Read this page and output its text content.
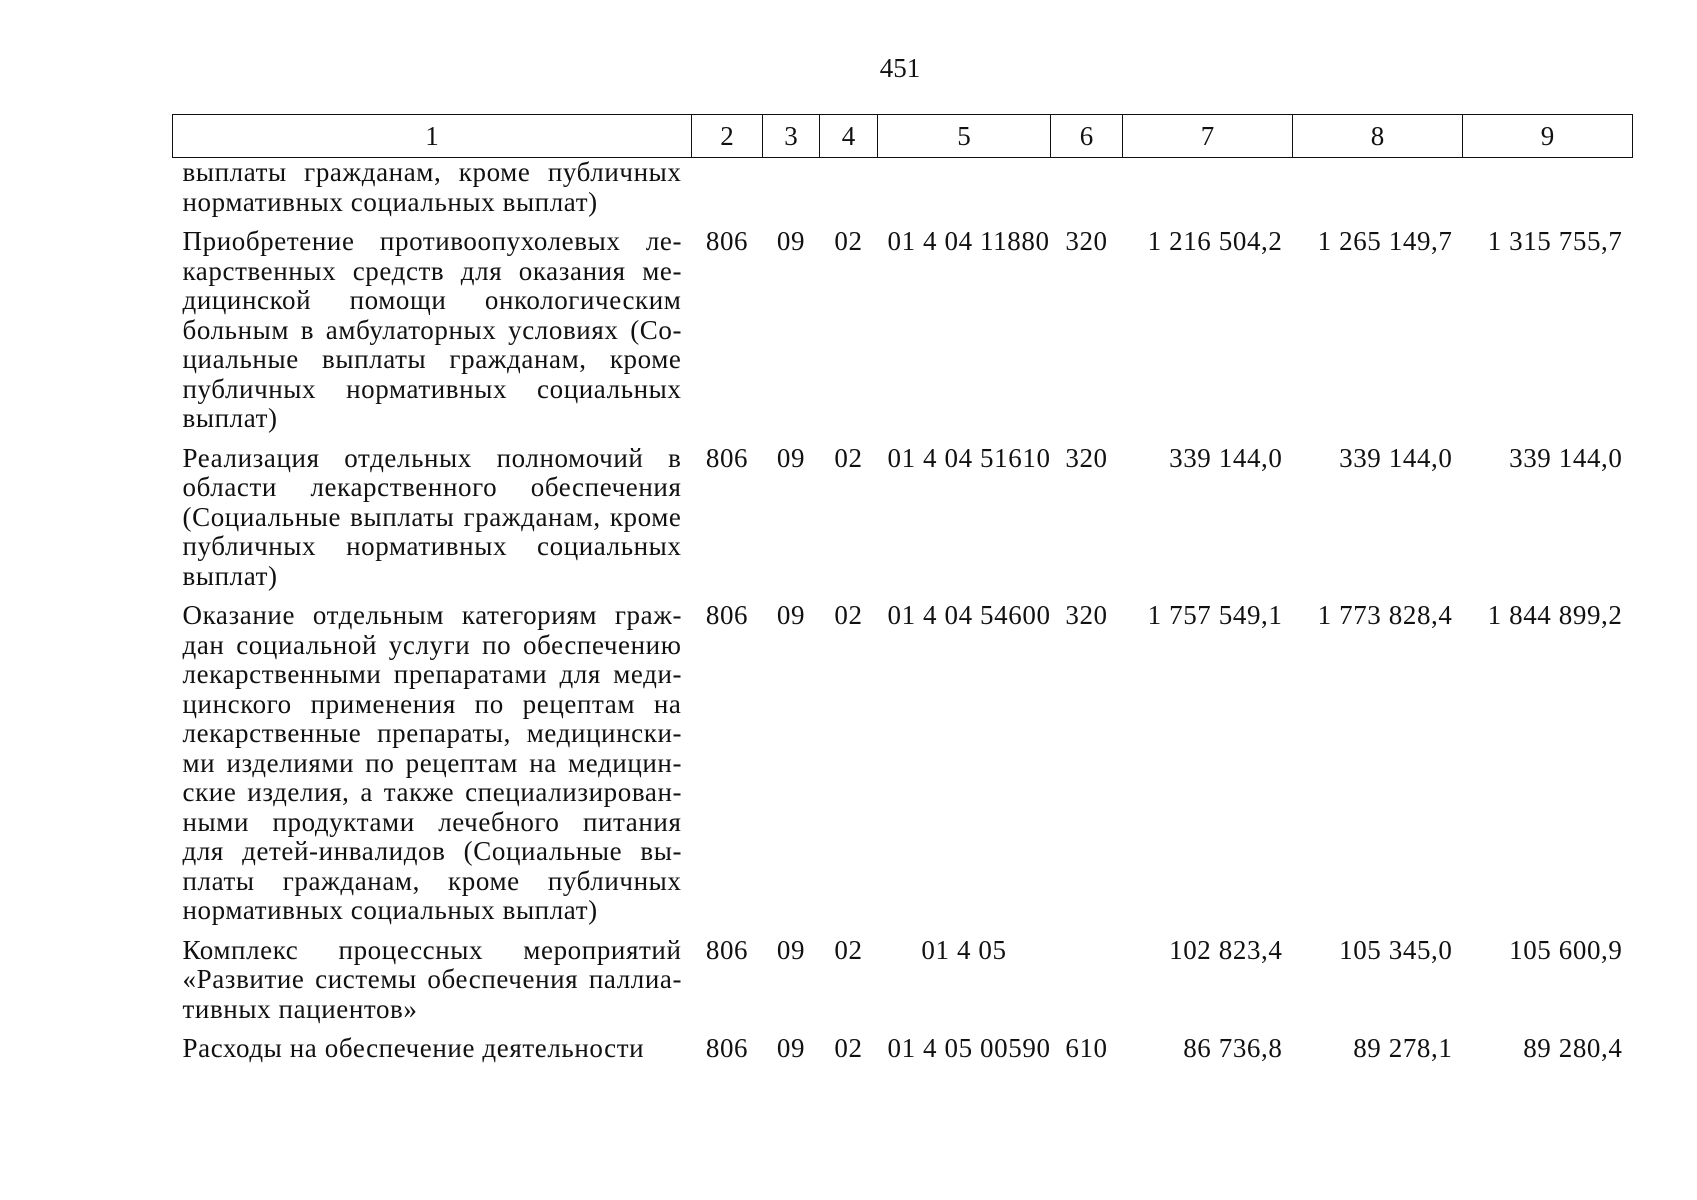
451
1	2	3	4	5	6	7	8	9
выплаты гражданам, кроме публичных нормативных социальных выплат)								
Приобретение противоопухолевых лекарственных средств для оказания медицинской помощи онкологическим больным в амбулаторных условиях (Социальные выплаты гражданам, кроме публичных нормативных социальных выплат)	806	09	02	01 4 04 11880	320	1 216 504,2	1 265 149,7	1 315 755,7
Реализация отдельных полномочий в области лекарственного обеспечения (Социальные выплаты гражданам, кроме публичных нормативных социальных выплат)	806	09	02	01 4 04 51610	320	339 144,0	339 144,0	339 144,0
Оказание отдельным категориям граждан социальной услуги по обеспечению лекарственными препаратами для медицинского применения по рецептам на лекарственные препараты, медицинскими изделиями по рецептам на медицинские изделия, а также специализированными продуктами лечебного питания для детей-инвалидов (Социальные выплаты гражданам, кроме публичных нормативных социальных выплат)	806	09	02	01 4 04 54600	320	1 757 549,1	1 773 828,4	1 844 899,2
Комплекс процессных мероприятий «Развитие системы обеспечения паллиативных пациентов»	806	09	02	01 4 05		102 823,4	105 345,0	105 600,9
Расходы на обеспечение деятельности	806	09	02	01 4 05 00590	610	86 736,8	89 278,1	89 280,4
